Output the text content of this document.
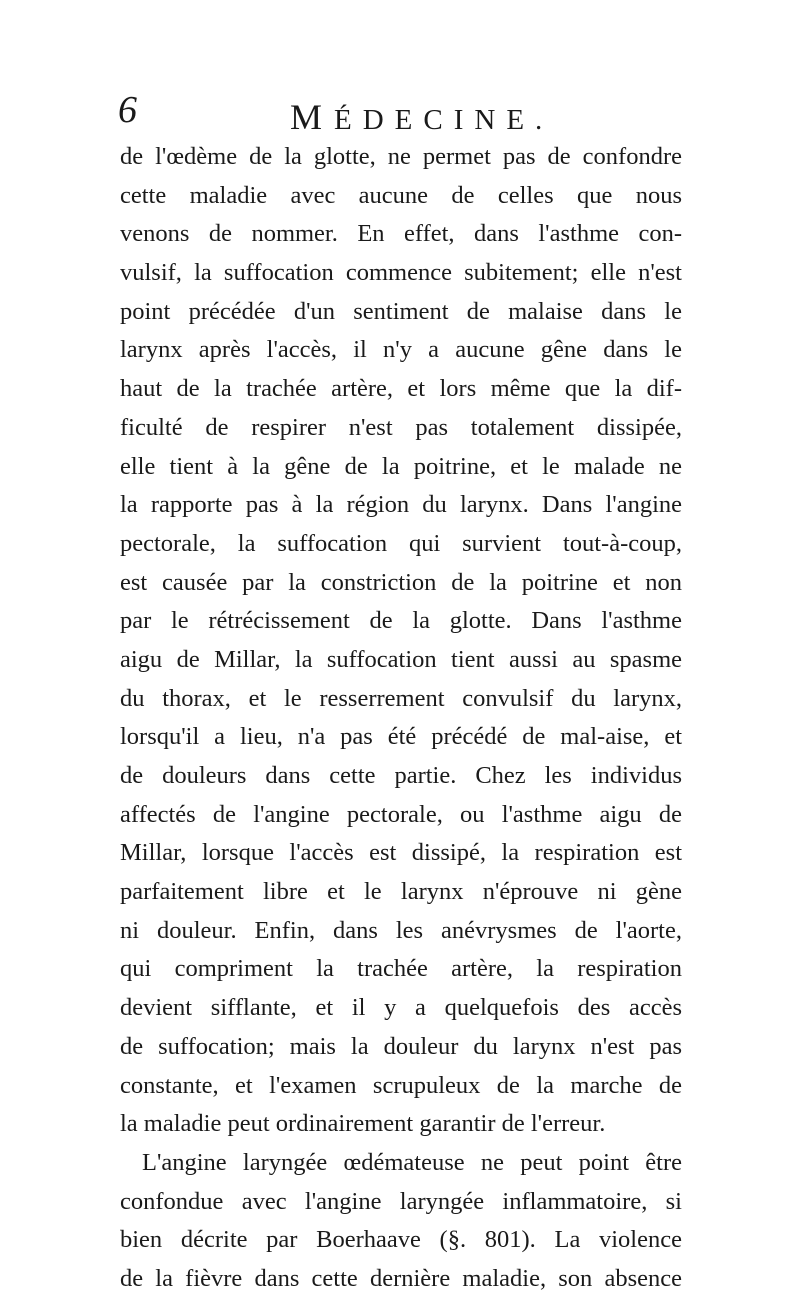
6	MÉDECINE.
de l'œdème de la glotte, ne permet pas de confondre
cette maladie avec aucune de celles que nous
venons de nommer. En effet, dans l'asthme con-
vulsif, la suffocation commence subitement; elle n'est
point précédée d'un sentiment de malaise dans le
larynx après l'accès, il n'y a aucune gêne dans le
haut de la trachée artère, et lors même que la dif-
ficulté de respirer n'est pas totalement dissipée,
elle tient à la gêne de la poitrine, et le malade ne
la rapporte pas à la région du larynx. Dans l'angine
pectorale, la suffocation qui survient tout-à-coup,
est causée par la constriction de la poitrine et non
par le rétrécissement de la glotte. Dans l'asthme
aigu de Millar, la suffocation tient aussi au spasme
du thorax, et le resserrement convulsif du larynx,
lorsqu'il a lieu, n'a pas été précédé de mal-aise, et
de douleurs dans cette partie. Chez les individus
affectés de l'angine pectorale, ou l'asthme aigu de
Millar, lorsque l'accès est dissipé, la respiration est
parfaitement libre et le larynx n'éprouve ni gène
ni douleur. Enfin, dans les anévrysmes de l'aorte,
qui compriment la trachée artère, la respiration
devient sifflante, et il y a quelquefois des accès
de suffocation; mais la douleur du larynx n'est pas
constante, et l'examen scrupuleux de la marche de
la maladie peut ordinairement garantir de l'erreur.
L'angine laryngée œdémateuse ne peut point être
confondue avec l'angine laryngée inflammatoire, si
bien décrite par Boerhaave (§. 801). La violence
de la fièvre dans cette dernière maladie, son absence
